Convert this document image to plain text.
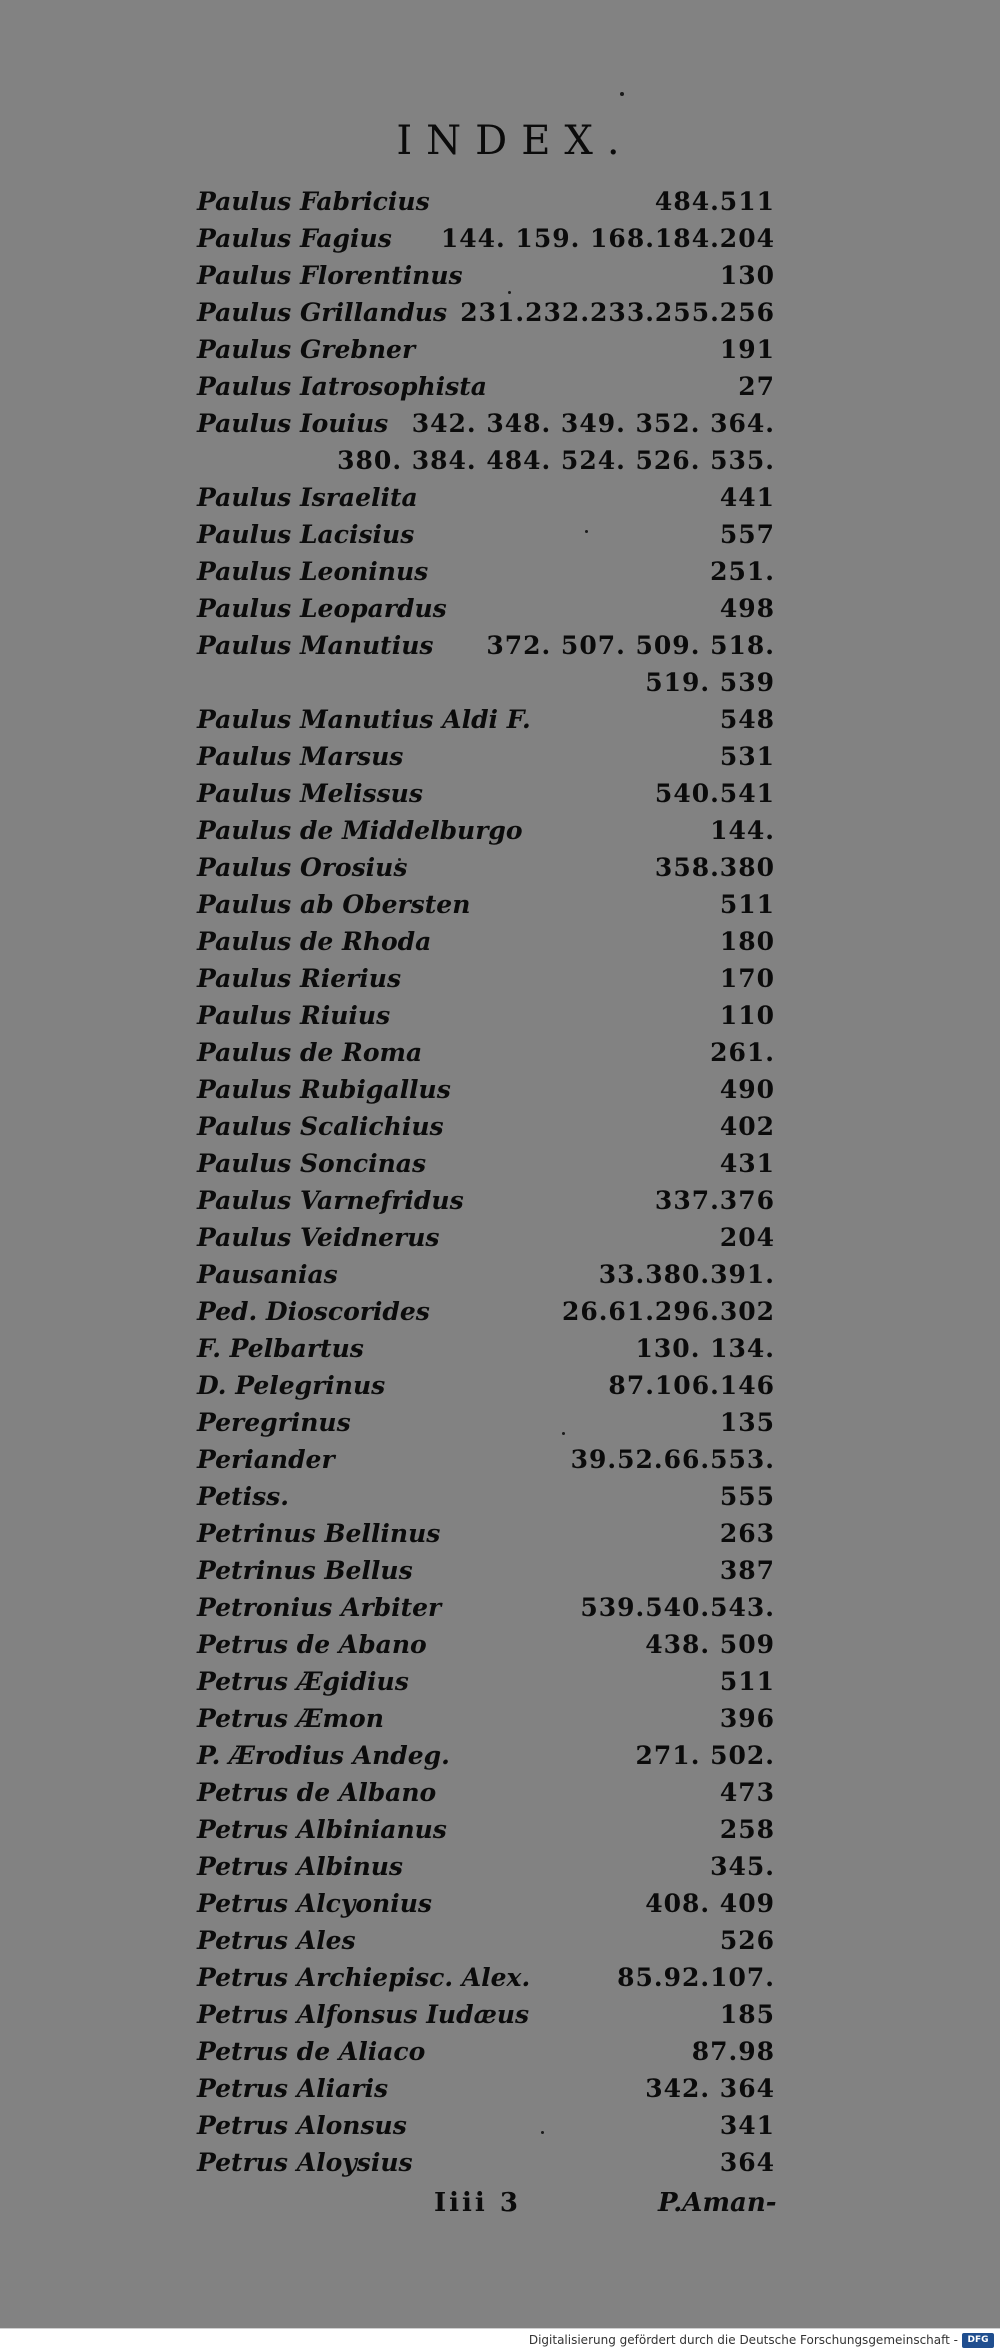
INDEX.
Paulus Fabricius	484.511
Paulus Fagius 144. 159. 168.184.204
Paulus Florentinus	130
Paulus Grillandus 231.232.233.255.256
Paulus Grebner	191
Paulus Iatrosophista	27
Paulus Iouius 342. 348. 349. 352. 364.
380. 384. 484. 524. 526. 535.
Paulus Israelita	441
Paulus Lacisius	557
Paulus Leoninus	251.
Paulus Leopardus	498
Paulus Manutius 372. 507. 509. 518.
519. 539
Paulus Manutius Aldi F.	548
Paulus Marsus	531
Paulus Melissus	540.541
Paulus de Middelburgo	144.
Paulus Orosius	358.380
Paulus ab Obersten	511
Paulus de Rhoda	180
Paulus Rierius	170
Paulus Riuius	110
Paulus de Roma	261.
Paulus Rubigallus	490
Paulus Scalichius	402
Paulus Soncinas	431
Paulus Varnefridus	337.376
Paulus Veidnerus	204
Pausanias	33.380.391.
Ped. Dioscorides	26.61.296.302
F. Pelbartus	130. 134.
D. Pelegrinus	87.106.146
Peregrinus	135
Periander	39.52.66.553.
Petiss.	555
Petrinus Bellinus	263
Petrinus Bellus	387
Petronius Arbiter	539.540.543.
Petrus de Abano	438. 509
Petrus Ægidius	511
Petrus Æmon	396
P. Ærodius Andeg.	271. 502.
Petrus de Albano	473
Petrus Albinianus	258
Petrus Albinus	345.
Petrus Alcyonius	408. 409
Petrus Ales	526
Petrus Archiepisc. Alex.	85.92.107.
Petrus Alfonsus Iudæus	185
Petrus de Aliaco	87.98
Petrus Aliaris	342. 364
Petrus Alonsus	341
Petrus Aloysius	364
Iiii 3	P.Aman-
Digitalisierung gefördert durch die Deutsche Forschungsgemeinschaft -	DFG
